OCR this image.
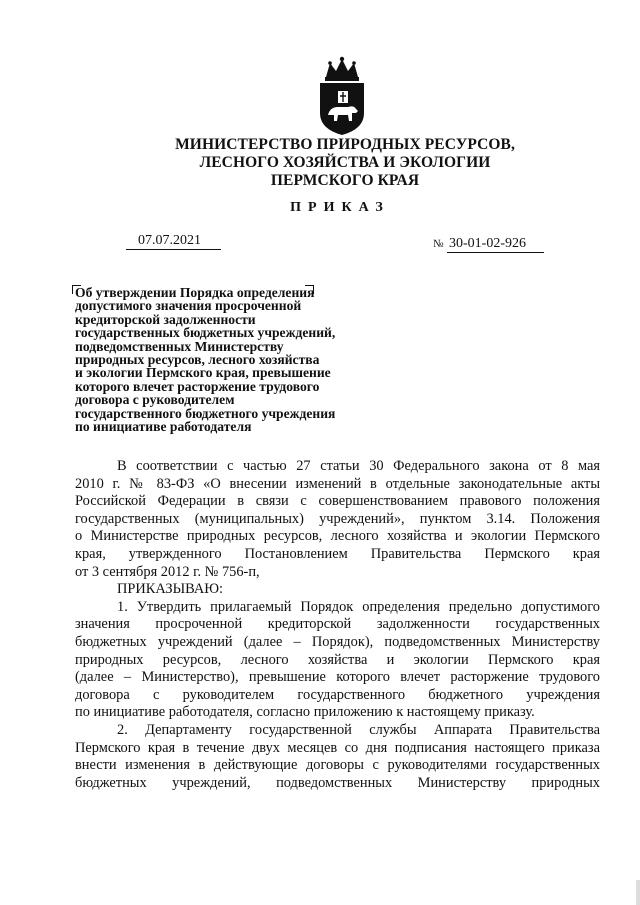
МИНИСТЕРСТВО ПРИРОДНЫХ РЕСУРСОВ,
ЛЕСНОГО ХОЗЯЙСТВА И ЭКОЛОГИИ
ПЕРМСКОГО КРАЯ
ПРИКАЗ
07.07.2021	№ 30-01-02-926
Об утверждении Порядка определения
допустимого значения просроченной
кредиторской задолженности
государственных бюджетных учреждений,
подведомственных Министерству
природных ресурсов, лесного хозяйства
и экологии Пермского края, превышение
которого влечет расторжение трудового
договора с руководителем
государственного бюджетного учреждения
по инициативе работодателя
В соответствии с частью 27 статьи 30 Федерального закона от 8 мая
2010 г. № 83-ФЗ «О внесении изменений в отдельные законодательные акты
Российской Федерации в связи с совершенствованием правового положения
государственных (муниципальных) учреждений», пунктом 3.14. Положения
о Министерстве природных ресурсов, лесного хозяйства и экологии Пермского
края, утвержденного Постановлением Правительства Пермского края
от 3 сентября 2012 г. № 756-п,
ПРИКАЗЫВАЮ:
1. Утвердить прилагаемый Порядок определения предельно допустимого
значения просроченной кредиторской задолженности государственных
бюджетных учреждений (далее – Порядок), подведомственных Министерству
природных ресурсов, лесного хозяйства и экологии Пермского края
(далее – Министерство), превышение которого влечет расторжение трудового
договора с руководителем государственного бюджетного учреждения
по инициативе работодателя, согласно приложению к настоящему приказу.
2. Департаменту государственной службы Аппарата Правительства
Пермского края в течение двух месяцев со дня подписания настоящего приказа
внести изменения в действующие договоры с руководителями государственных
бюджетных учреждений, подведомственных Министерству природных
